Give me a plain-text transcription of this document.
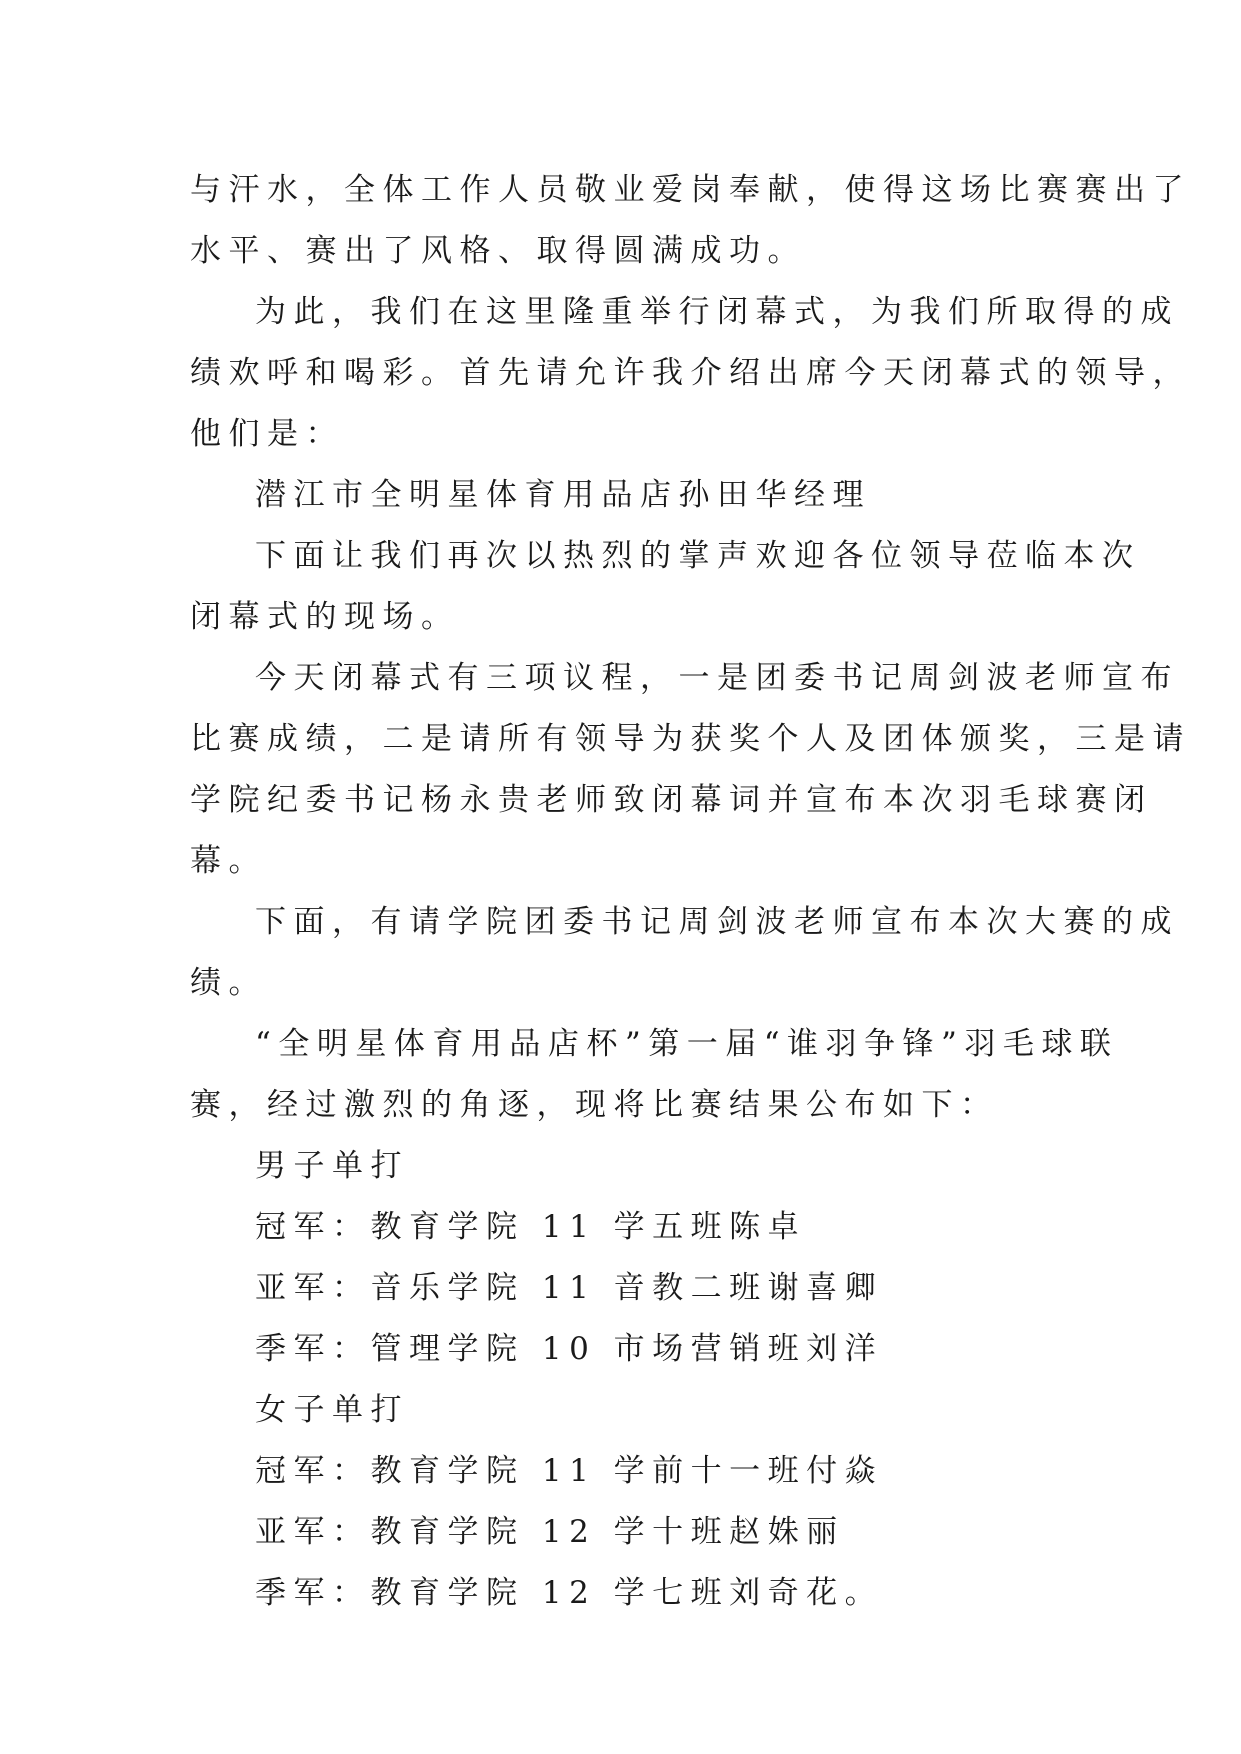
与汗水，全体工作人员敬业爱岗奉献，使得这场比赛赛出了
水平、赛出了风格、取得圆满成功。
为此，我们在这里隆重举行闭幕式，为我们所取得的成
绩欢呼和喝彩。首先请允许我介绍出席今天闭幕式的领导，
他们是：
潜江市全明星体育用品店孙田华经理
下面让我们再次以热烈的掌声欢迎各位领导莅临本次
闭幕式的现场。
今天闭幕式有三项议程，一是团委书记周剑波老师宣布
比赛成绩，二是请所有领导为获奖个人及团体颁奖，三是请
学院纪委书记杨永贵老师致闭幕词并宣布本次羽毛球赛闭
幕。
下面，有请学院团委书记周剑波老师宣布本次大赛的成
绩。
“全明星体育用品店杯”第一届“谁羽争锋”羽毛球联
赛，经过激烈的角逐，现将比赛结果公布如下：
男子单打
冠军：教育学院 11 学五班陈卓
亚军：音乐学院 11 音教二班谢喜卿
季军：管理学院 10 市场营销班刘洋
女子单打
冠军：教育学院 11 学前十一班付焱
亚军：教育学院 12 学十班赵姝丽
季军：教育学院 12 学七班刘奇花。
